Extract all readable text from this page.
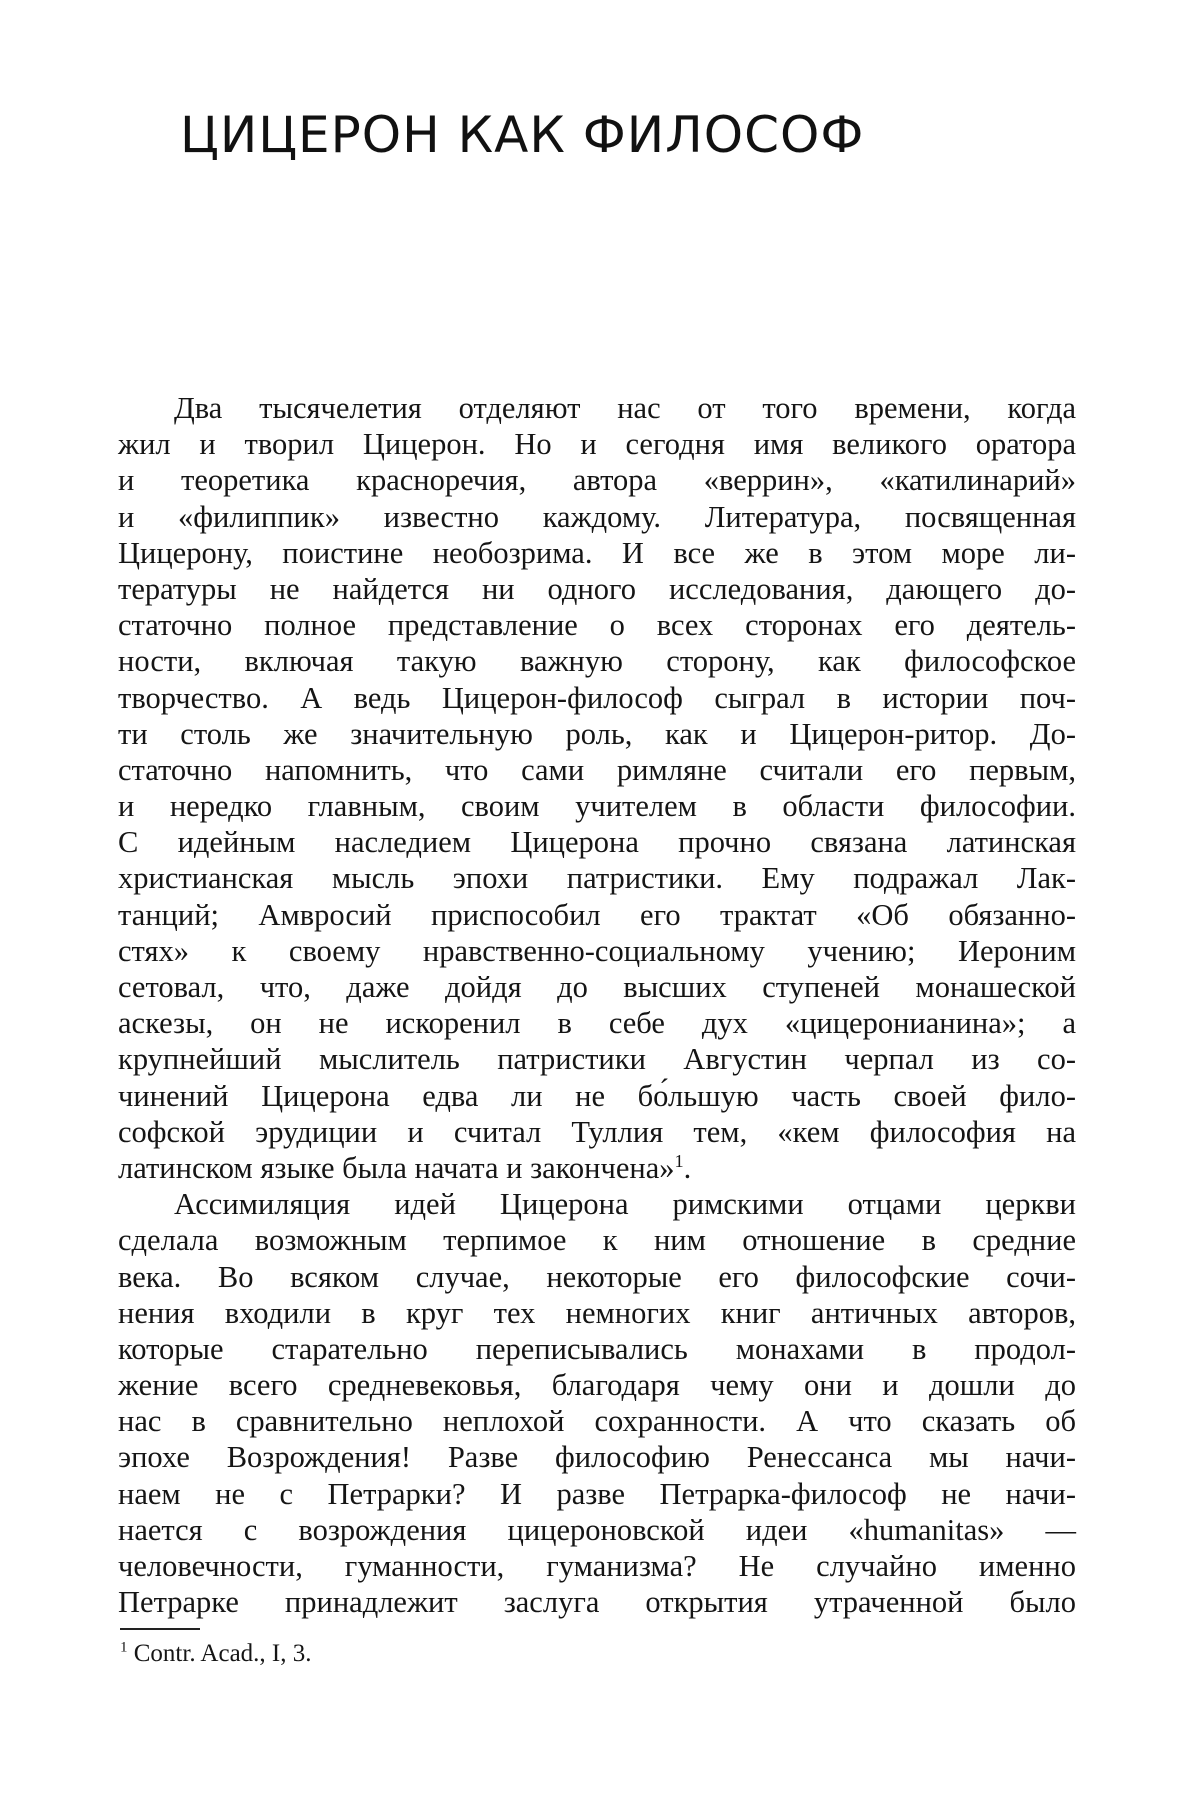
ЦИЦЕРОН КАК ФИЛОСОФ
Два тысячелетия отделяют нас от того времени, когда
жил и творил Цицерон. Но и сегодня имя великого оратора
и теоретика красноречия, автора «веррин», «катилинарий»
и «филиппик» известно каждому. Литература, посвященная
Цицерону, поистине необозрима. И все же в этом море ли-
тературы не найдется ни одного исследования, дающего до-
статочно полное представление о всех сторонах его деятель-
ности, включая такую важную сторону, как философское
творчество. А ведь Цицерон-философ сыграл в истории поч-
ти столь же значительную роль, как и Цицерон-ритор. До-
статочно напомнить, что сами римляне считали его первым,
и нередко главным, своим учителем в области философии.
С идейным наследием Цицерона прочно связана латинская
христианская мысль эпохи патристики. Ему подражал Лак-
танций; Амвросий приспособил его трактат «Об обязанно-
стях» к своему нравственно-социальному учению; Иероним
сетовал, что, даже дойдя до высших ступеней монашеской
аскезы, он не искоренил в себе дух «цицеронианина»; а
крупнейший мыслитель патристики Августин черпал из со-
чинений Цицерона едва ли не бо́льшую часть своей фило-
софской эрудиции и считал Туллия тем, «кем философия на
латинском языке была начата и закончена»$^1$.
Ассимиляция идей Цицерона римскими отцами церкви
сделала возможным терпимое к ним отношение в средние
века. Во всяком случае, некоторые его философские сочи-
нения входили в круг тех немногих книг античных авторов,
которые старательно переписывались монахами в продол-
жение всего средневековья, благодаря чему они и дошли до
нас в сравнительно неплохой сохранности. А что сказать об
эпохе Возрождения! Разве философию Ренессанса мы начи-
наем не с Петрарки? И разве Петрарка-философ не начи-
нается с возрождения цицероновской идеи «humanitas» —
человечности, гуманности, гуманизма? Не случайно именно
Петрарке принадлежит заслуга открытия утраченной было
$^1$ Contr. Acad., I, 3.
